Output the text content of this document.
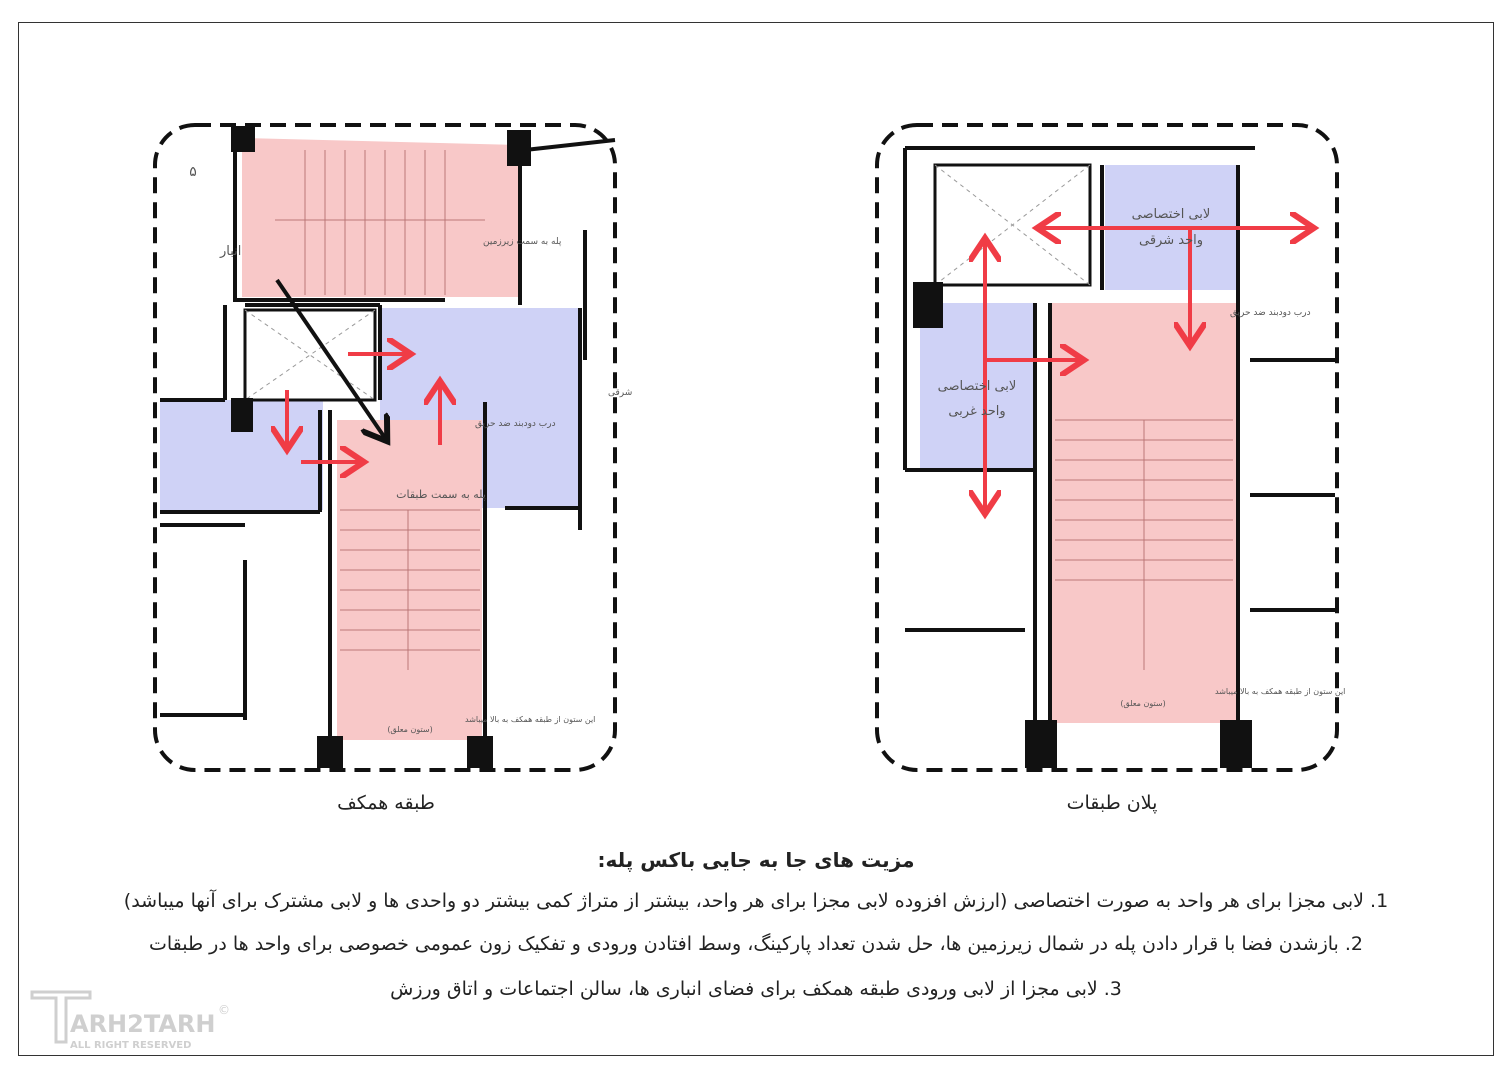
پله به سمت زیرزمین
پله به سمت طبقات
درب دودبند ضد حریق
این ستون از طبقه همکف به بالا میباشد
(ستون معلق)
انبار
۵
شرقی
لابی اختصاصی
واحد شرقی
لابی اختصاصی
واحد غربی
درب دودبند ضد حریق
این ستون از طبقه همکف به بالا میباشد
(ستون معلق)
طبقه همکف	پلان طبقات
مزیت های جا به جایی باکس پله:
1. لابی مجزا برای هر واحد به صورت اختصاصی (ارزش افزوده لابی مجزا برای هر واحد، بیشتر از متراژ کمی بیشتر دو واحدی ها و لابی مشترک برای آنها میباشد)
2. بازشدن فضا با قرار دادن پله در شمال زیرزمین ها، حل شدن تعداد پارکینگ، وسط افتادن ورودی و تفکیک زون عمومی خصوصی برای واحد ها در طبقات
3. لابی مجزا از لابی ورودی طبقه همکف برای فضای انباری ها، سالن اجتماعات و اتاق ورزش
ARH2TARH
ALL RIGHT RESERVED
©
